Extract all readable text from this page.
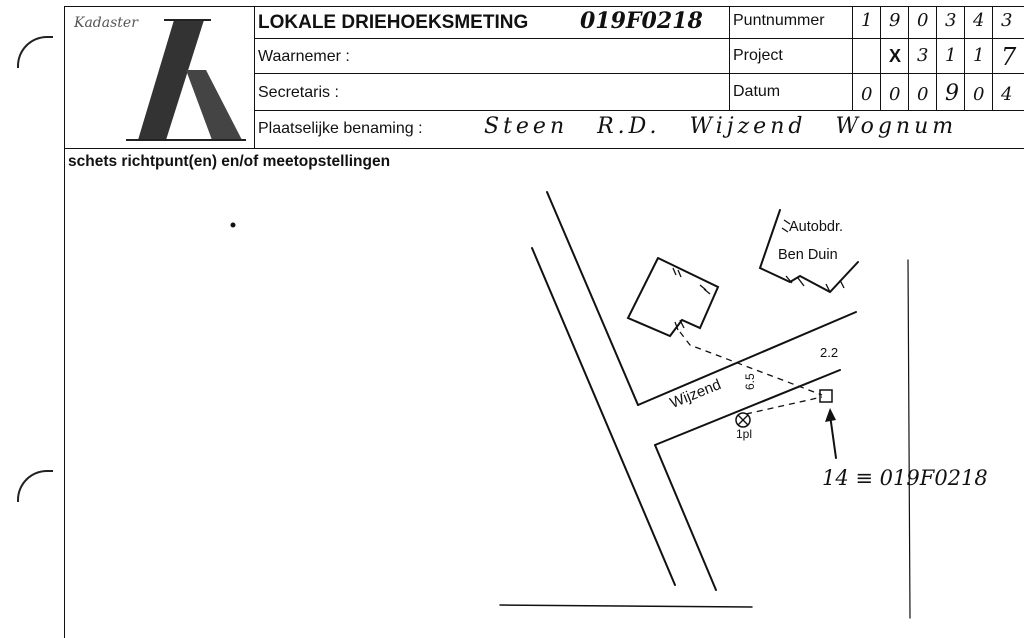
Kadaster	LOKALE DRIEHOEKSMETING 019F0218 Puntnummer
Project
Datum
1 9 0 3 4 3
X 3 1 1 7
0 0 0 9 0 4
Waarnemer :
Secretaris :
Plaatselijke benaming :	Steen R.D. Wijzend Wognum
schets richtpunt(en) en/of meetopstellingen
Autobdr.
Ben Duin
Wijzend 6.5
2.2
1pl
14 ≡ 019F0218
